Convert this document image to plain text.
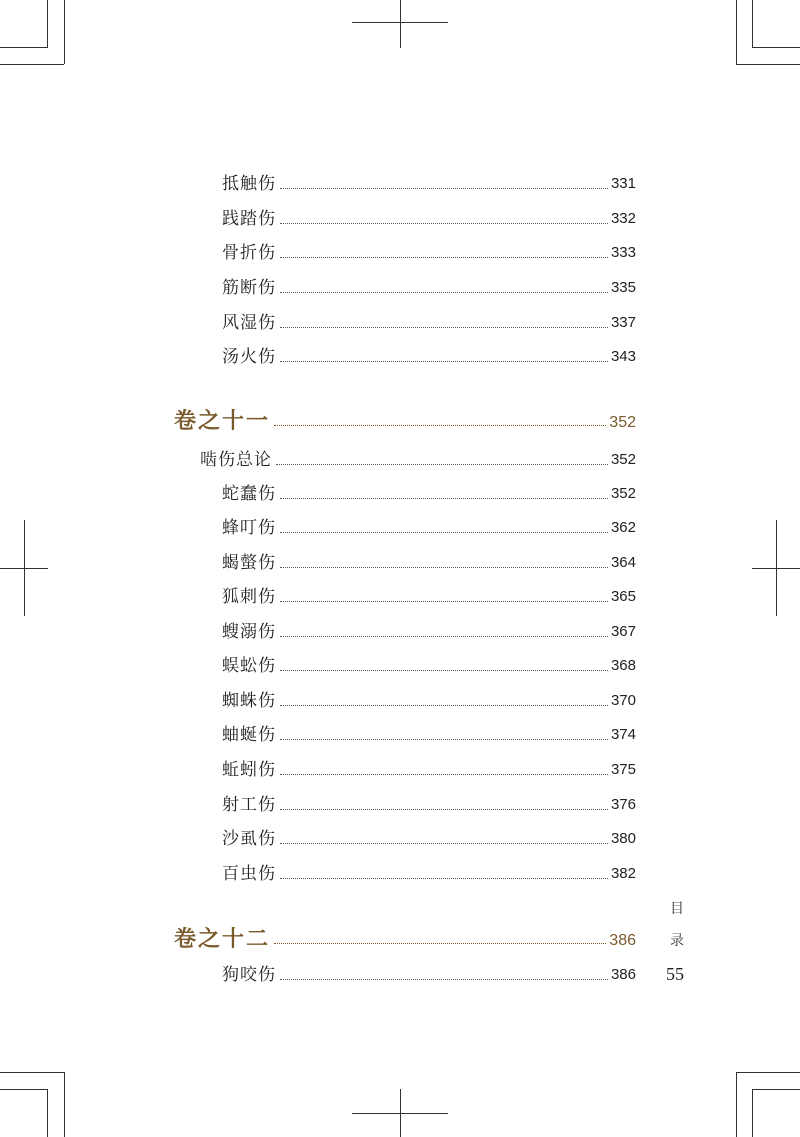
抵触伤	331
践踏伤	332
骨折伤	333
筋断伤	335
风湿伤	337
汤火伤	343
卷之十一	352
啮伤总论	352
蛇蠢伤	352
蜂叮伤	362
蝎螫伤	364
狐刺伤	365
螋溺伤	367
蜈蚣伤	368
蜘蛛伤	370
蚰蜒伤	374
蚯蚓伤	375
射工伤	376
沙虱伤	380
百虫伤	382
卷之十二	386
狗咬伤	386
目
录
55
